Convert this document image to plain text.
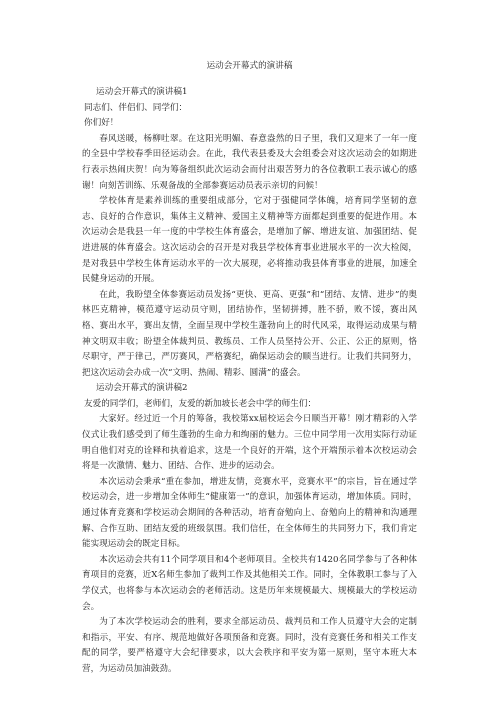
运动会开幕式的演讲稿
运动会开幕式的演讲稿1
同志们、伴侣们、同学们：
你们好！

春风送暖，杨柳吐翠。在这阳光明媚、春意盎然的日子里，我们又迎来了一年一度的全县中学校春季田径运动会。在此，我代表县委及大会组委会对这次运动会的如期进行表示热闹庆贺！向为筹备组织此次运动会而付出艰苦努力的各位教职工表示诚心的感谢！向刻苦训练、乐观备战的全部参赛运动员表示亲切的问候！

学校体育是素养训练的重要组成部分，它对于强健同学体魄，培育同学坚韧的意志、良好的合作意识，集体主义精神、爱国主义精神等方面都起到重要的促进作用。本次运动会是我县一年一度的中学校生体育盛会，是增加了解、增进友谊、加强团结、促进进展的体育盛会。这次运动会的召开是对我县学校体育事业进展水平的一次大检阅，是对我县中学校生体育运动水平的一次大展现，必将推动我县体育事业的进展，加速全民健身运动的开展。

在此，我盼望全体参赛运动员发扬“更快、更高、更强”和“团结、友情、进步”的奥林匹克精神，模范遵守运动员守则，团结协作，坚韧拼搏，胜不骄，败不馁，赛出风格、赛出水平，赛出友情，全面呈现中学校生蓬勃向上的时代风采，取得运动成果与精神文明双丰收；盼望全体裁判员、教练员、工作人员坚持公开、公正、公正的原则，恪尽职守，严于律己，严厉赛风，严格赛纪，确保运动会的顺当进行。让我们共同努力，把这次运动会办成一次“文明、热闹、精彩、圆满”的盛会。

运动会开幕式的演讲稿2
友爱的同学们，老师们，友爱的新加坡长老会中学的师生们：

大家好。经过近一个月的筹备，我校第xx届校运会今日顺当开幕！刚才精彩的入学仪式让我们感受到了师生蓬勃的生命力和绚丽的魅力。三位中同学用一次用实际行动证明自他们对克的诠释和执着追求，这是一个良好的开端，这个开端预示着本次校运动会将是一次激情、魅力、团结、合作、进步的运动会。

本次运动会秉承“重在参加，增进友情，竞赛水平，竞赛水平”的宗旨，旨在通过学校运动会，进一步增加全体师生“健康第一”的意识，加强体育运动，增加体质。同时，通过体育竞赛和学校运动会期间的各种活动，培育奋勉向上、奋勉向上的精神和沟通理解、合作互助、团结友爱的班级氛围。我们信任，在全体师生的共同努力下，我们肯定能实现运动会的既定目标。

本次运动会共有11个同学项目和4个老师项目。全校共有1420名同学参与了各种体育项目的竞赛，近X名师生参加了裁判工作及其他相关工作。同时，全体教职工参与了入学仪式，也将参与本次运动会的老师活动。这是历年来规模最大、规模最大的学校运动会。

为了本次学校运动会的胜利，要求全部运动员、裁判员和工作人员遵守大会的定制和指示，平安、有序、规范地做好各项预备和竞赛。同时，没有竞赛任务和相关工作支配的同学，要严格遵守大会纪律要求，以大会秩序和平安为第一原则，坚守本班大本营，为运动员加油鼓劲。
